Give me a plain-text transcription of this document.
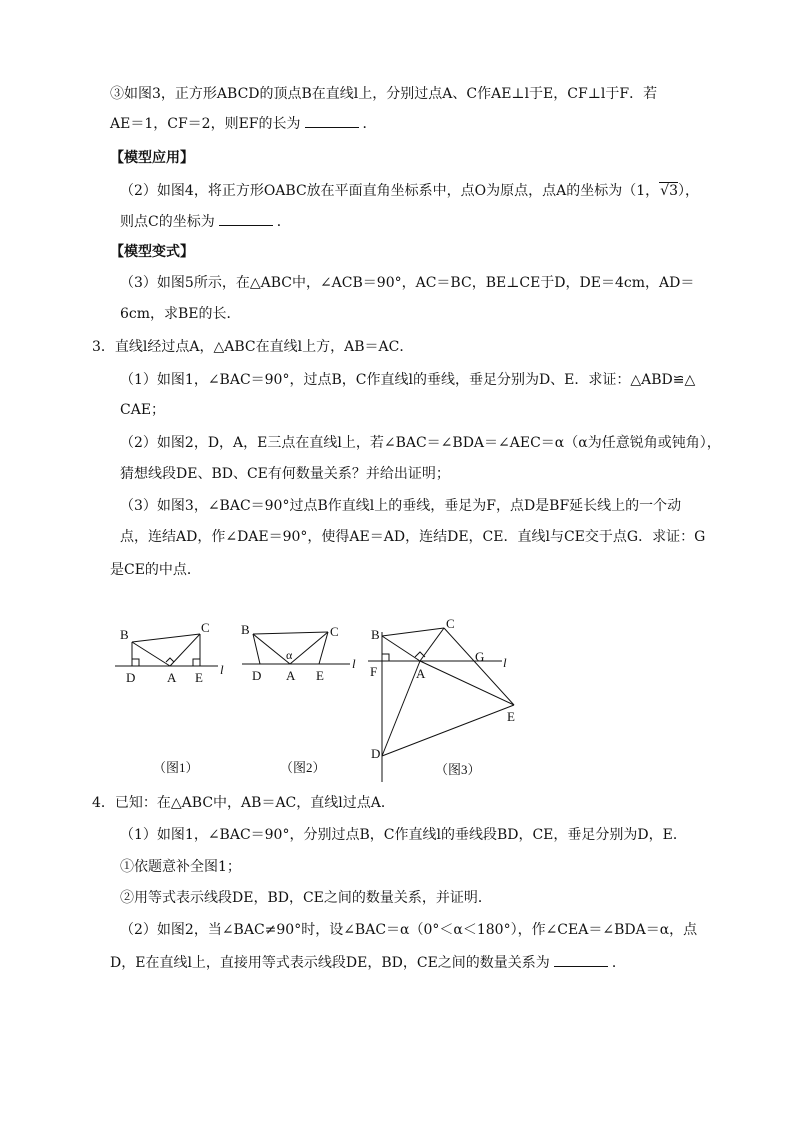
③如图3，正方形ABCD的顶点B在直线l上，分别过点A、C作AE⊥l于E，CF⊥l于F．若
AE＝1，CF＝2，则EF的长为	．
【模型应用】
（2）如图4，将正方形OABC放在平面直角坐标系中，点O为原点，点A的坐标为（1，√3），
则点C的坐标为	．
【模型变式】
（3）如图5所示，在△ABC中，∠ACB＝90°，AC＝BC，BE⊥CE于D，DE＝4cm，AD＝
6cm，求BE的长．
3．直线l经过点A，△ABC在直线l上方，AB＝AC．
（1）如图1，∠BAC＝90°，过点B，C作直线l的垂线，垂足分别为D、E．求证：△ABD≌△
CAE；
（2）如图2，D，A，E三点在直线l上，若∠BAC＝∠BDA＝∠AEC＝α（α为任意锐角或钝角），
猜想线段DE、BD、CE有何数量关系？并给出证明；
（3）如图3，∠BAC＝90°过点B作直线l上的垂线，垂足为F，点D是BF延长线上的一个动
点，连结AD，作∠DAE＝90°，使得AE＝AD，连结DE，CE．直线l与CE交于点G．求证：G
是CE的中点．
B	C
D A E
l
（图1）
B	C
α
D A E
l
（图2）
B
C
F	A
G l
E
D
（图3）
4．已知：在△ABC中，AB＝AC，直线l过点A．
（1）如图1，∠BAC＝90°，分别过点B，C作直线l的垂线段BD，CE，垂足分别为D，E．
①依题意补全图1；
②用等式表示线段DE，BD，CE之间的数量关系，并证明．
（2）如图2，当∠BAC≠90°时，设∠BAC＝α（0°＜α＜180°），作∠CEA＝∠BDA＝α，点
D，E在直线l上，直接用等式表示线段DE，BD，CE之间的数量关系为	．
